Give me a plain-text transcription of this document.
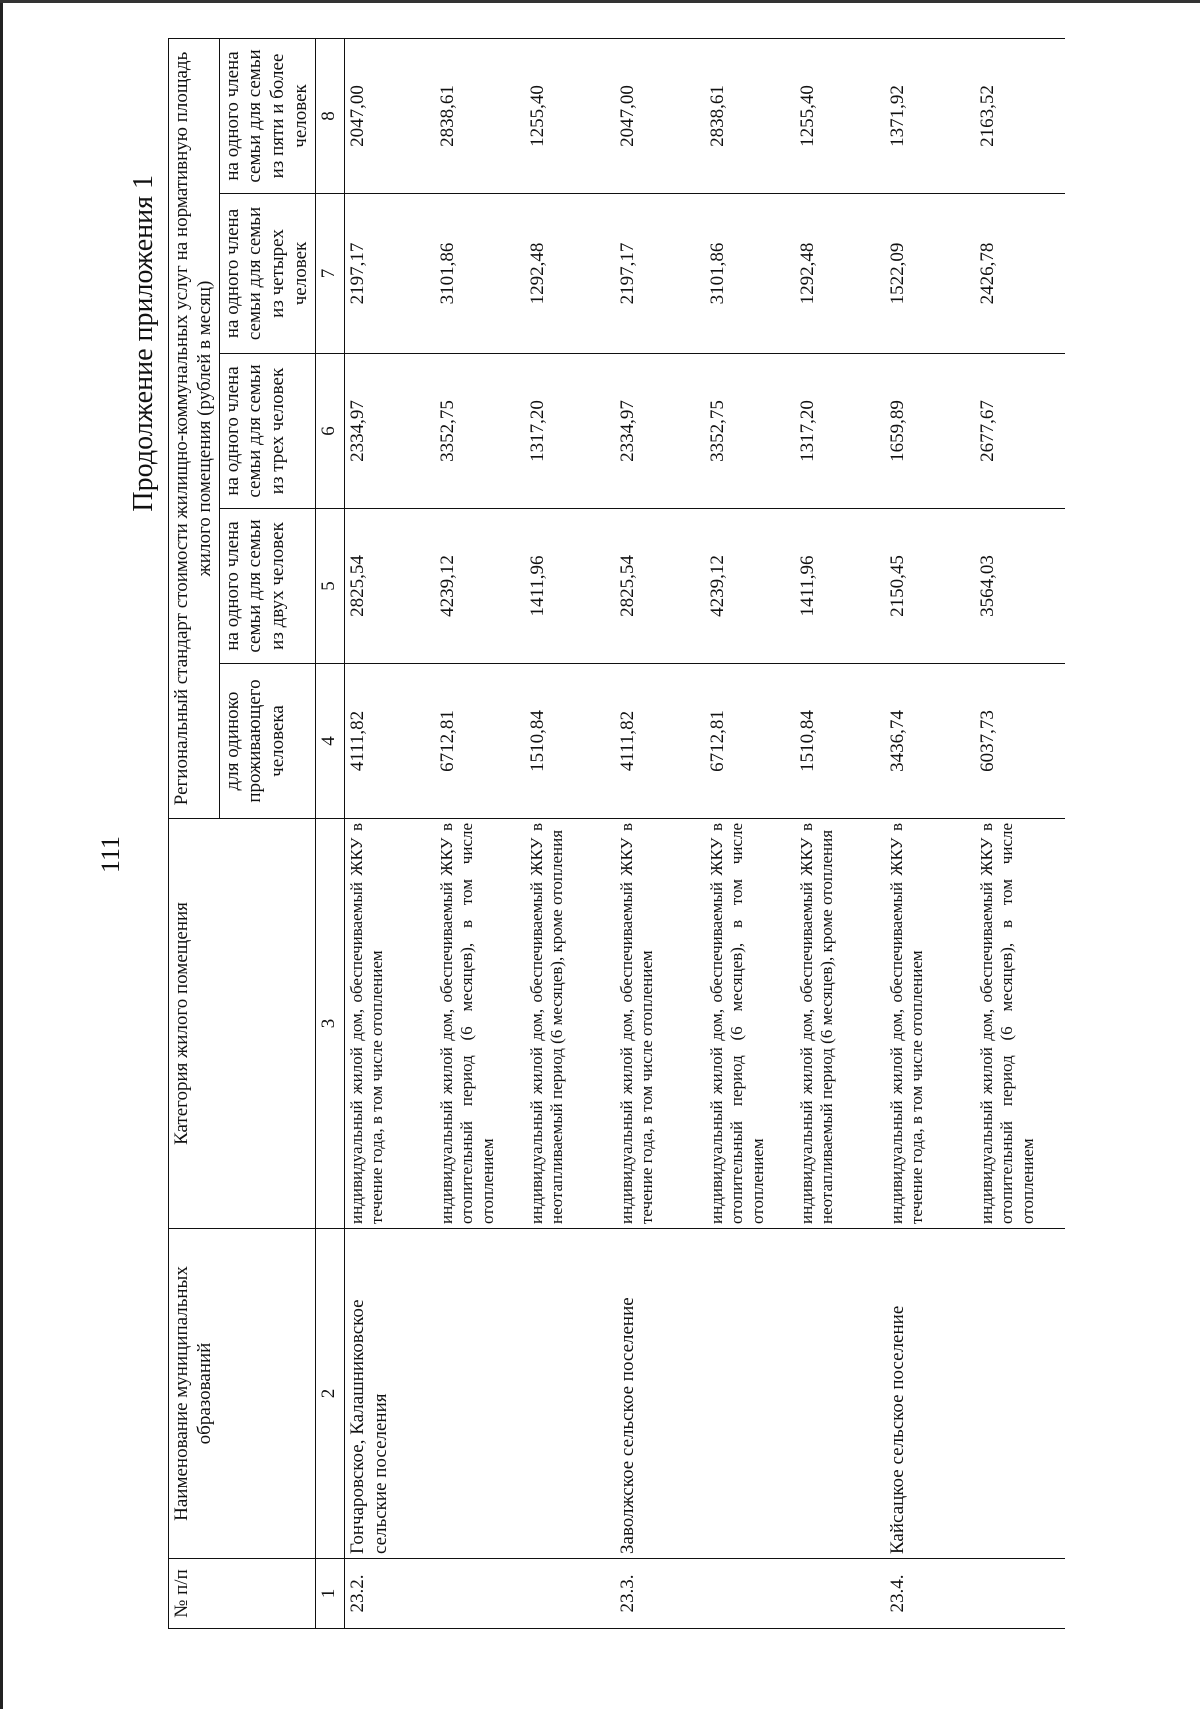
111
Продолжение приложения 1
№ п/п	Наименование муниципальных образований	Категория жилого помещения	Региональный стандарт стоимости жилищно-коммунальных услуг на нормативную площадь жилого помещения (рублей в месяц)				
			для одиноко проживающего человека	на одного члена семьи для семьи из двух человек	на одного члена семьи для семьи из трех человек	на одного члена семьи для семьи из четырех человек	на одного члена семьи для семьи из пяти и более человек
1	2	3	4	5	6	7	8
23.2.	Гончаровское, Калашниковское сельские поселения	индивидуальный жилой дом, обеспечиваемый ЖКУ в течение года, в том числе отоплением	4111,82	2825,54	2334,97	2197,17	2047,00
		индивидуальный жилой дом, обеспечиваемый ЖКУ в отопительный период (6 месяцев), в том числе отоплением	6712,81	4239,12	3352,75	3101,86	2838,61
		индивидуальный жилой дом, обеспечиваемый ЖКУ в неотапливаемый период (6 месяцев), кроме отопления	1510,84	1411,96	1317,20	1292,48	1255,40
23.3.	Заволжское сельское поселение	индивидуальный жилой дом, обеспечиваемый ЖКУ в течение года, в том числе отоплением	4111,82	2825,54	2334,97	2197,17	2047,00
		индивидуальный жилой дом, обеспечиваемый ЖКУ в отопительный период (6 месяцев), в том числе отоплением	6712,81	4239,12	3352,75	3101,86	2838,61
		индивидуальный жилой дом, обеспечиваемый ЖКУ в неотапливаемый период (6 месяцев), кроме отопления	1510,84	1411,96	1317,20	1292,48	1255,40
23.4.	Кайсацкое сельское поселение	индивидуальный жилой дом, обеспечиваемый ЖКУ в течение года, в том числе отоплением	3436,74	2150,45	1659,89	1522,09	1371,92
		индивидуальный жилой дом, обеспечиваемый ЖКУ в отопительный период (6 месяцев), в том числе отоплением	6037,73	3564,03	2677,67	2426,78	2163,52
